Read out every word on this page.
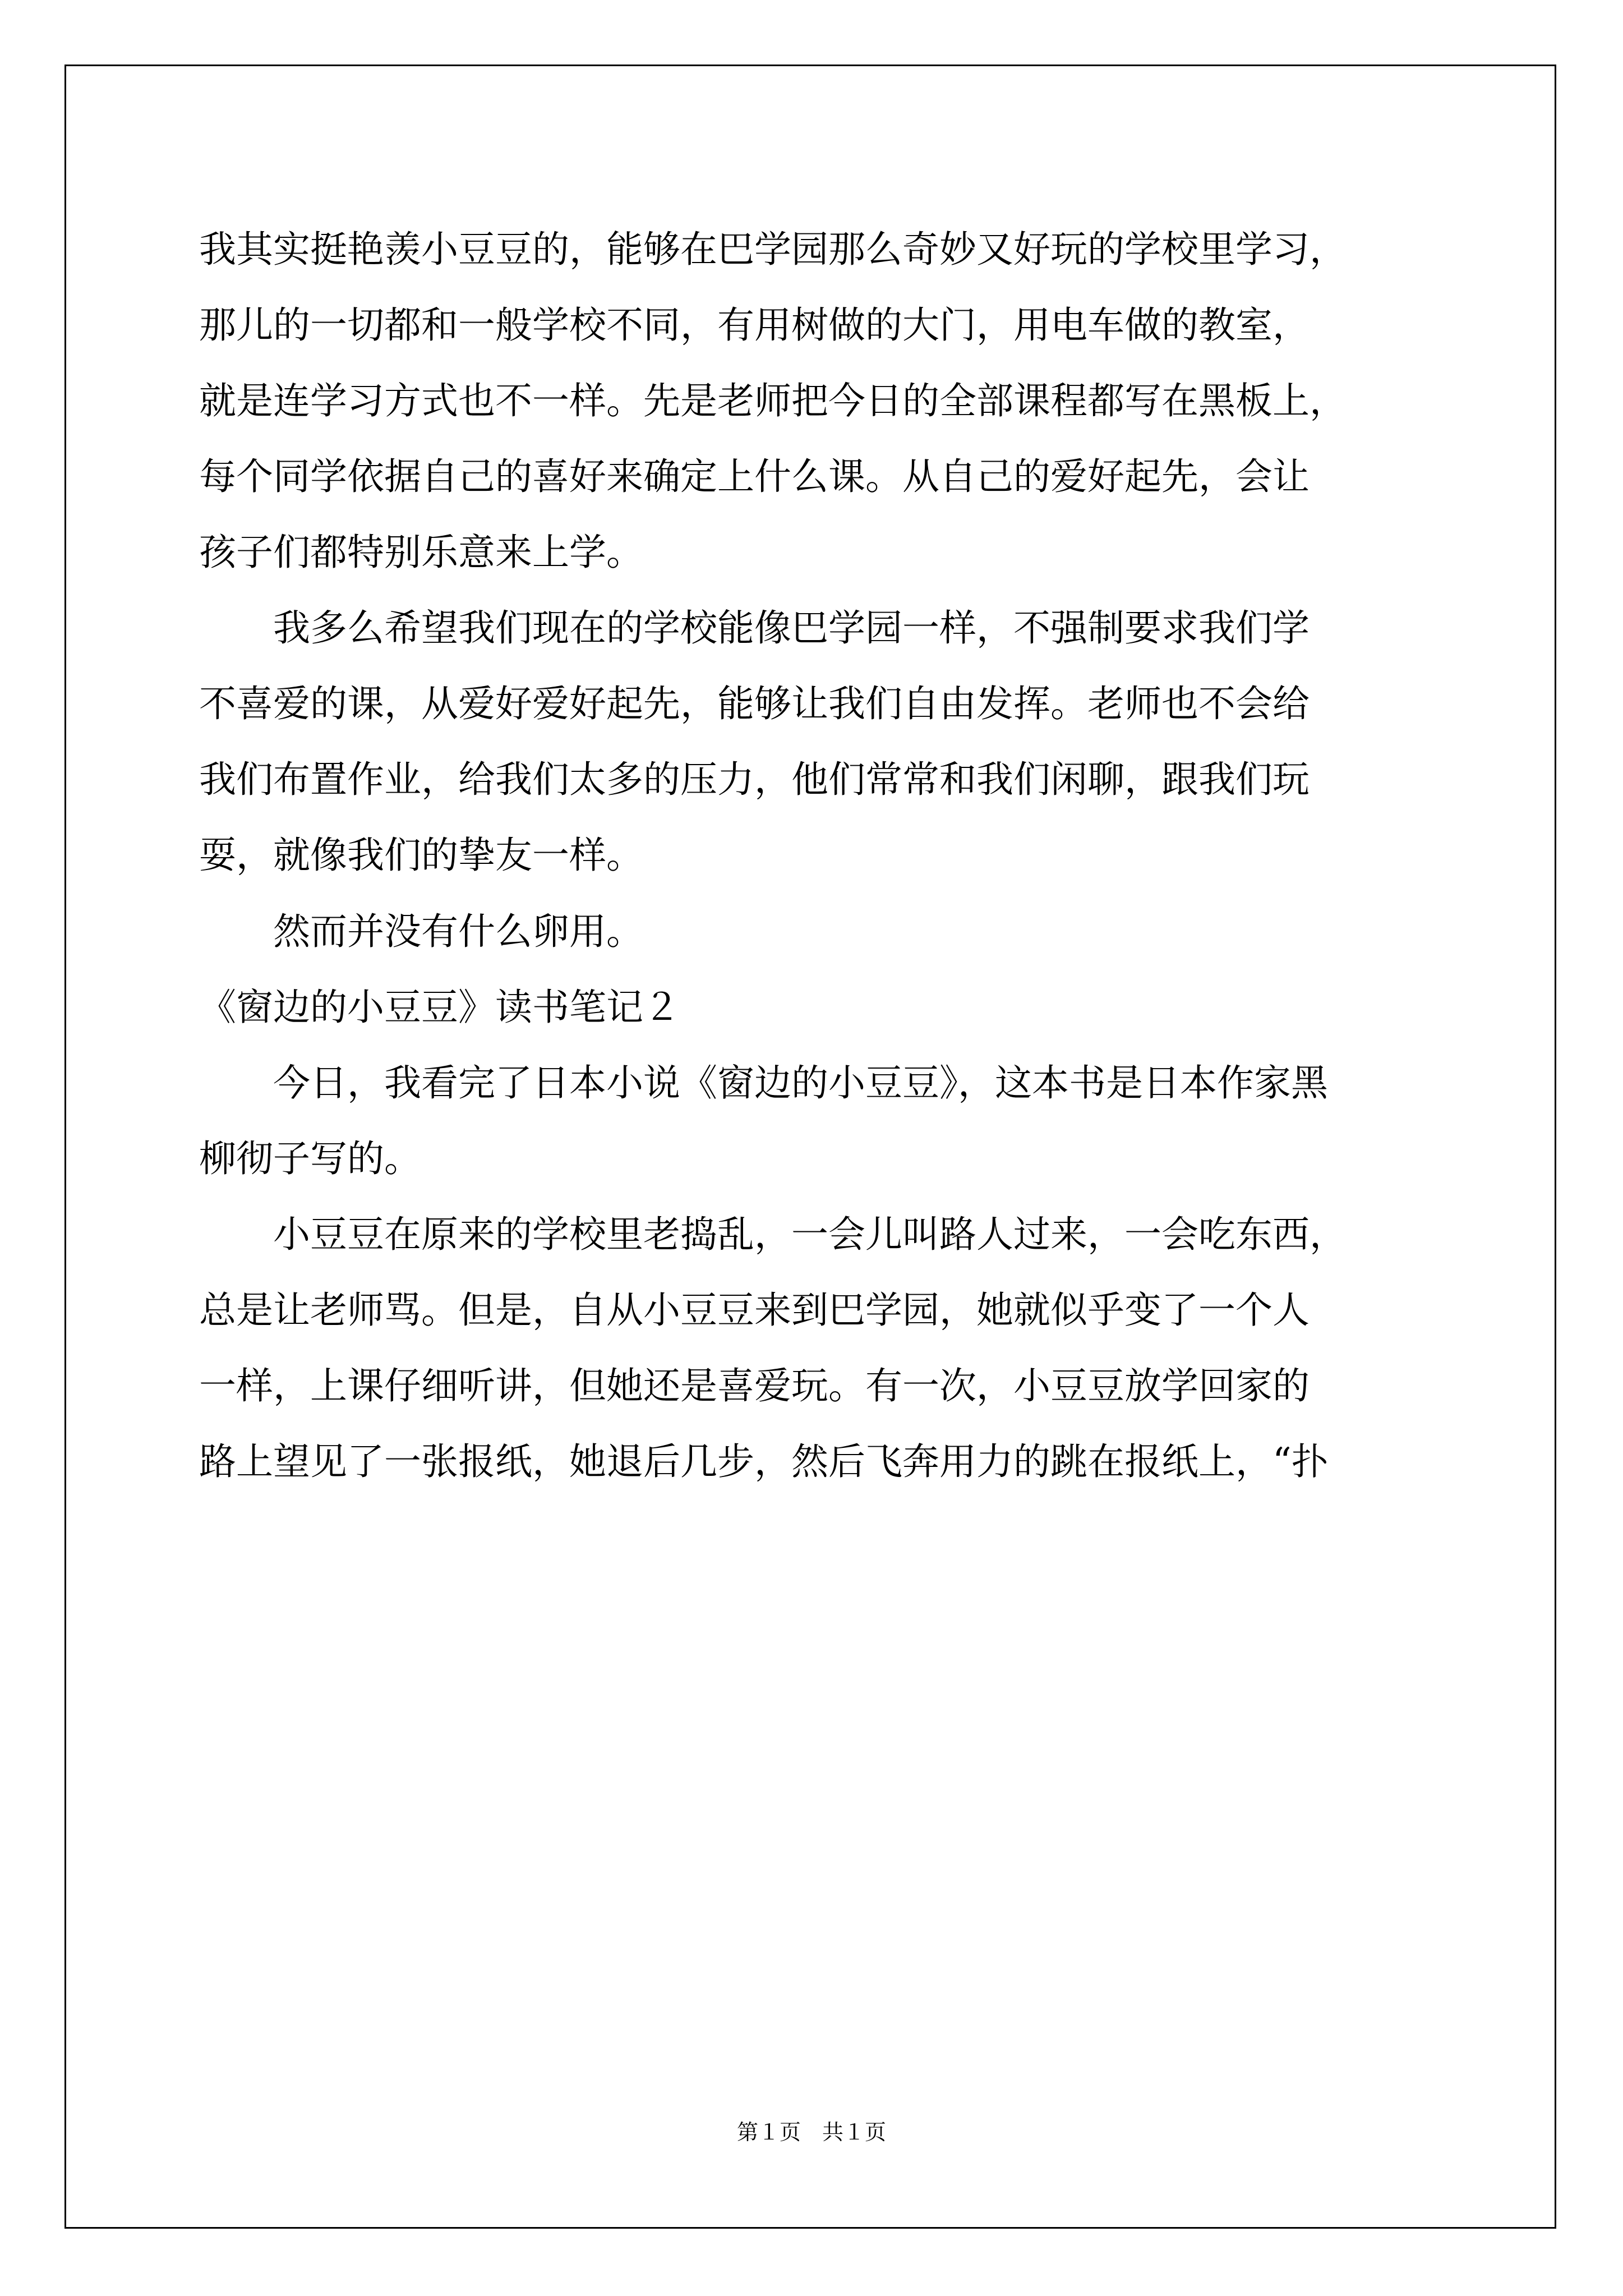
我其实挺艳羡小豆豆的，能够在巴学园那么奇妙又好玩的学校里学习，

那儿的一切都和一般学校不同，有用树做的大门，用电车做的教室，

就是连学习方式也不一样。先是老师把今日的全部课程都写在黑板上，

每个同学依据自己的喜好来确定上什么课。从自己的爱好起先，会让

孩子们都特别乐意来上学。

　　我多么希望我们现在的学校能像巴学园一样，不强制要求我们学

不喜爱的课，从爱好爱好起先，能够让我们自由发挥。老师也不会给

我们布置作业，给我们太多的压力，他们常常和我们闲聊，跟我们玩

耍，就像我们的挚友一样。

　　然而并没有什么卵用。

《窗边的小豆豆》读书笔记２

　　今日，我看完了日本小说《窗边的小豆豆》，这本书是日本作家黑

柳彻子写的。

　　小豆豆在原来的学校里老捣乱，一会儿叫路人过来，一会吃东西，

总是让老师骂。但是，自从小豆豆来到巴学园，她就似乎变了一个人

一样，上课仔细听讲，但她还是喜爱玩。有一次，小豆豆放学回家的

路上望见了一张报纸，她退后几步，然后飞奔用力的跳在报纸上，“扑

第１页　共１页
